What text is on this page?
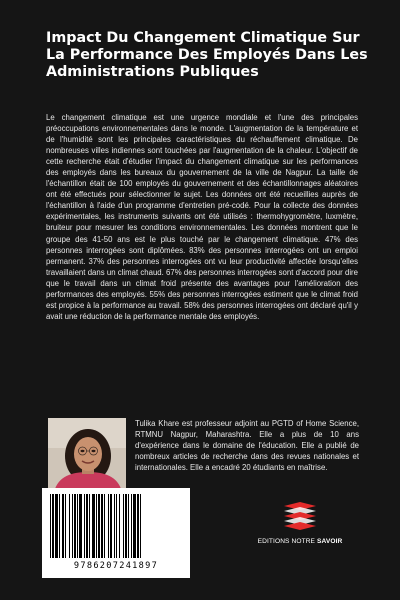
Impact Du Changement Climatique Sur La Performance Des Employés Dans Les Administrations Publiques

Le changement climatique est une urgence mondiale et l'une des principales préoccupations environnementales dans le monde. L'augmentation de la température et de l'humidité sont les principales caractéristiques du réchauffement climatique. De nombreuses villes indiennes sont touchées par l'augmentation de la chaleur. L'objectif de cette recherche était d'étudier l'impact du changement climatique sur les performances des employés dans les bureaux du gouvernement de la ville de Nagpur. La taille de l'échantillon était de 100 employés du gouvernement et des échantillonnages aléatoires ont été effectués pour sélectionner le sujet. Les données ont été recueillies auprès de l'échantillon à l'aide d'un programme d'entretien pré-codé. Pour la collecte des données expérimentales, les instruments suivants ont été utilisés : thermohygromètre, luxmètre, bruiteur pour mesurer les conditions environnementales. Les données montrent que le groupe des 41-50 ans est le plus touché par le changement climatique. 47% des personnes interrogées sont diplômées. 83% des personnes interrogées ont un emploi permanent. 37% des personnes interrogées ont vu leur productivité affectée lorsqu'elles travaillaient dans un climat chaud. 67% des personnes interrogées sont d'accord pour dire que le travail dans un climat froid présente des avantages pour l'amélioration des performances des employés. 55% des personnes interrogées estiment que le climat froid est propice à la performance au travail. 58% des personnes interrogées ont déclaré qu'il y avait une réduction de la performance mentale des employés.

Tulika Khare est professeur adjoint au PGTD of Home Science, RTMNU Nagpur, Maharashtra. Elle a plus de 10 ans d'expérience dans le domaine de l'éducation. Elle a publié de nombreux articles de recherche dans des revues nationales et internationales. Elle a encadré 20 étudiants en maîtrise.

9786207241897
EDITIONS NOTRE SAVOIR
